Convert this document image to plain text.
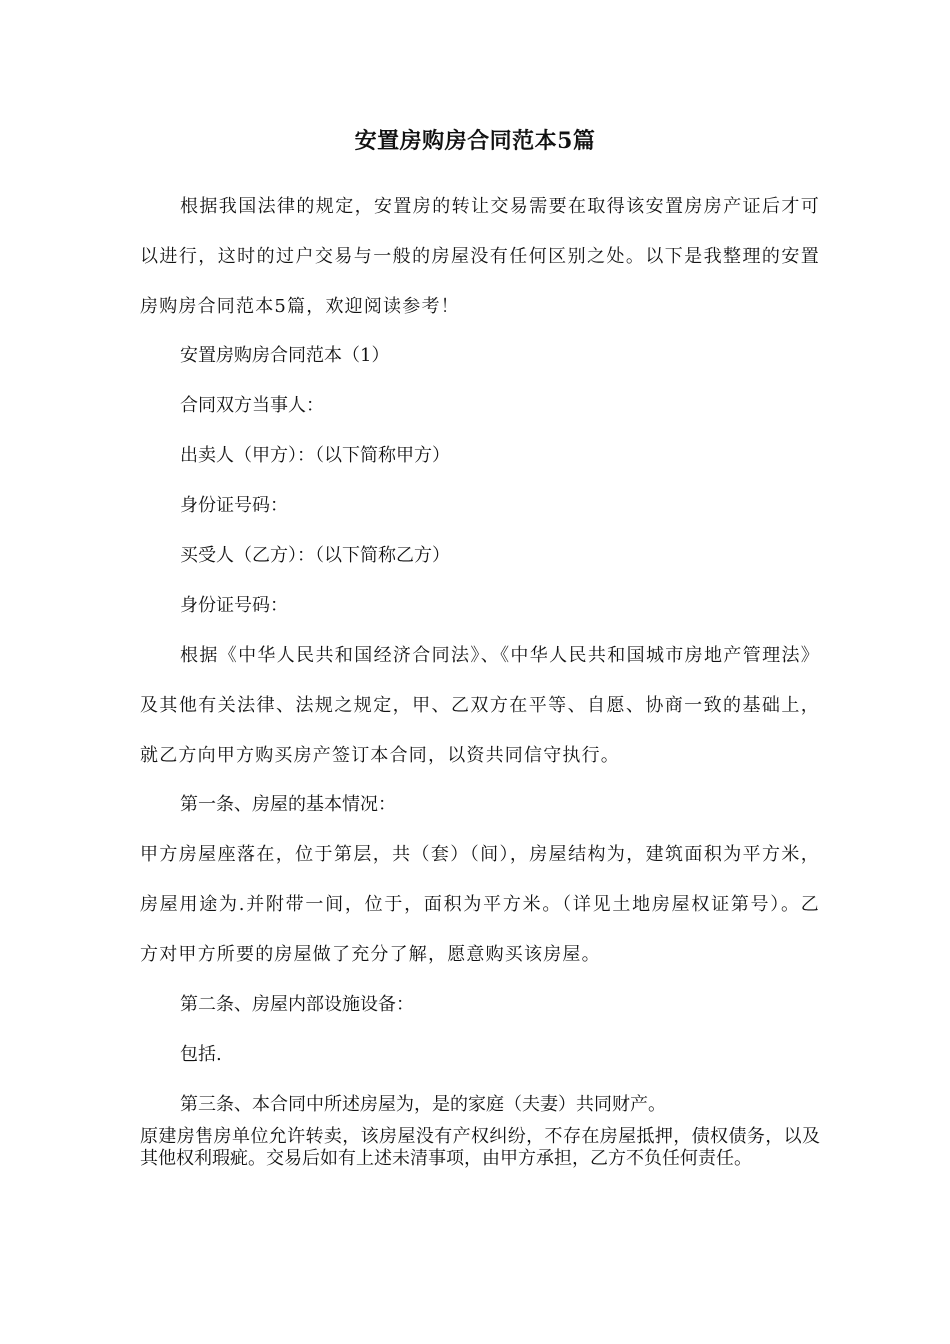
安置房购房合同范本5篇
根据我国法律的规定，安置房的转让交易需要在取得该安置房房产证后才可以进行，这时的过户交易与一般的房屋没有任何区别之处。以下是我整理的安置房购房合同范本5篇，欢迎阅读参考！
安置房购房合同范本（1）
合同双方当事人：
出卖人（甲方）：（以下简称甲方）
身份证号码：
买受人（乙方）：（以下简称乙方）
身份证号码：
根据《中华人民共和国经济合同法》、《中华人民共和国城市房地产管理法》及其他有关法律、法规之规定，甲、乙双方在平等、自愿、协商一致的基础上，就乙方向甲方购买房产签订本合同，以资共同信守执行。
第一条、房屋的基本情况：
甲方房屋座落在，位于第层，共（套）（间），房屋结构为，建筑面积为平方米，房屋用途为.并附带一间，位于，面积为平方米。（详见土地房屋权证第号）。乙方对甲方所要的房屋做了充分了解，愿意购买该房屋。
第二条、房屋内部设施设备：
包括.
第三条、本合同中所述房屋为，是的家庭（夫妻）共同财产。
原建房售房单位允许转卖，该房屋没有产权纠纷，不存在房屋抵押，债权债务，以及其他权利瑕疵。交易后如有上述未清事项，由甲方承担，乙方不负任何责任。
